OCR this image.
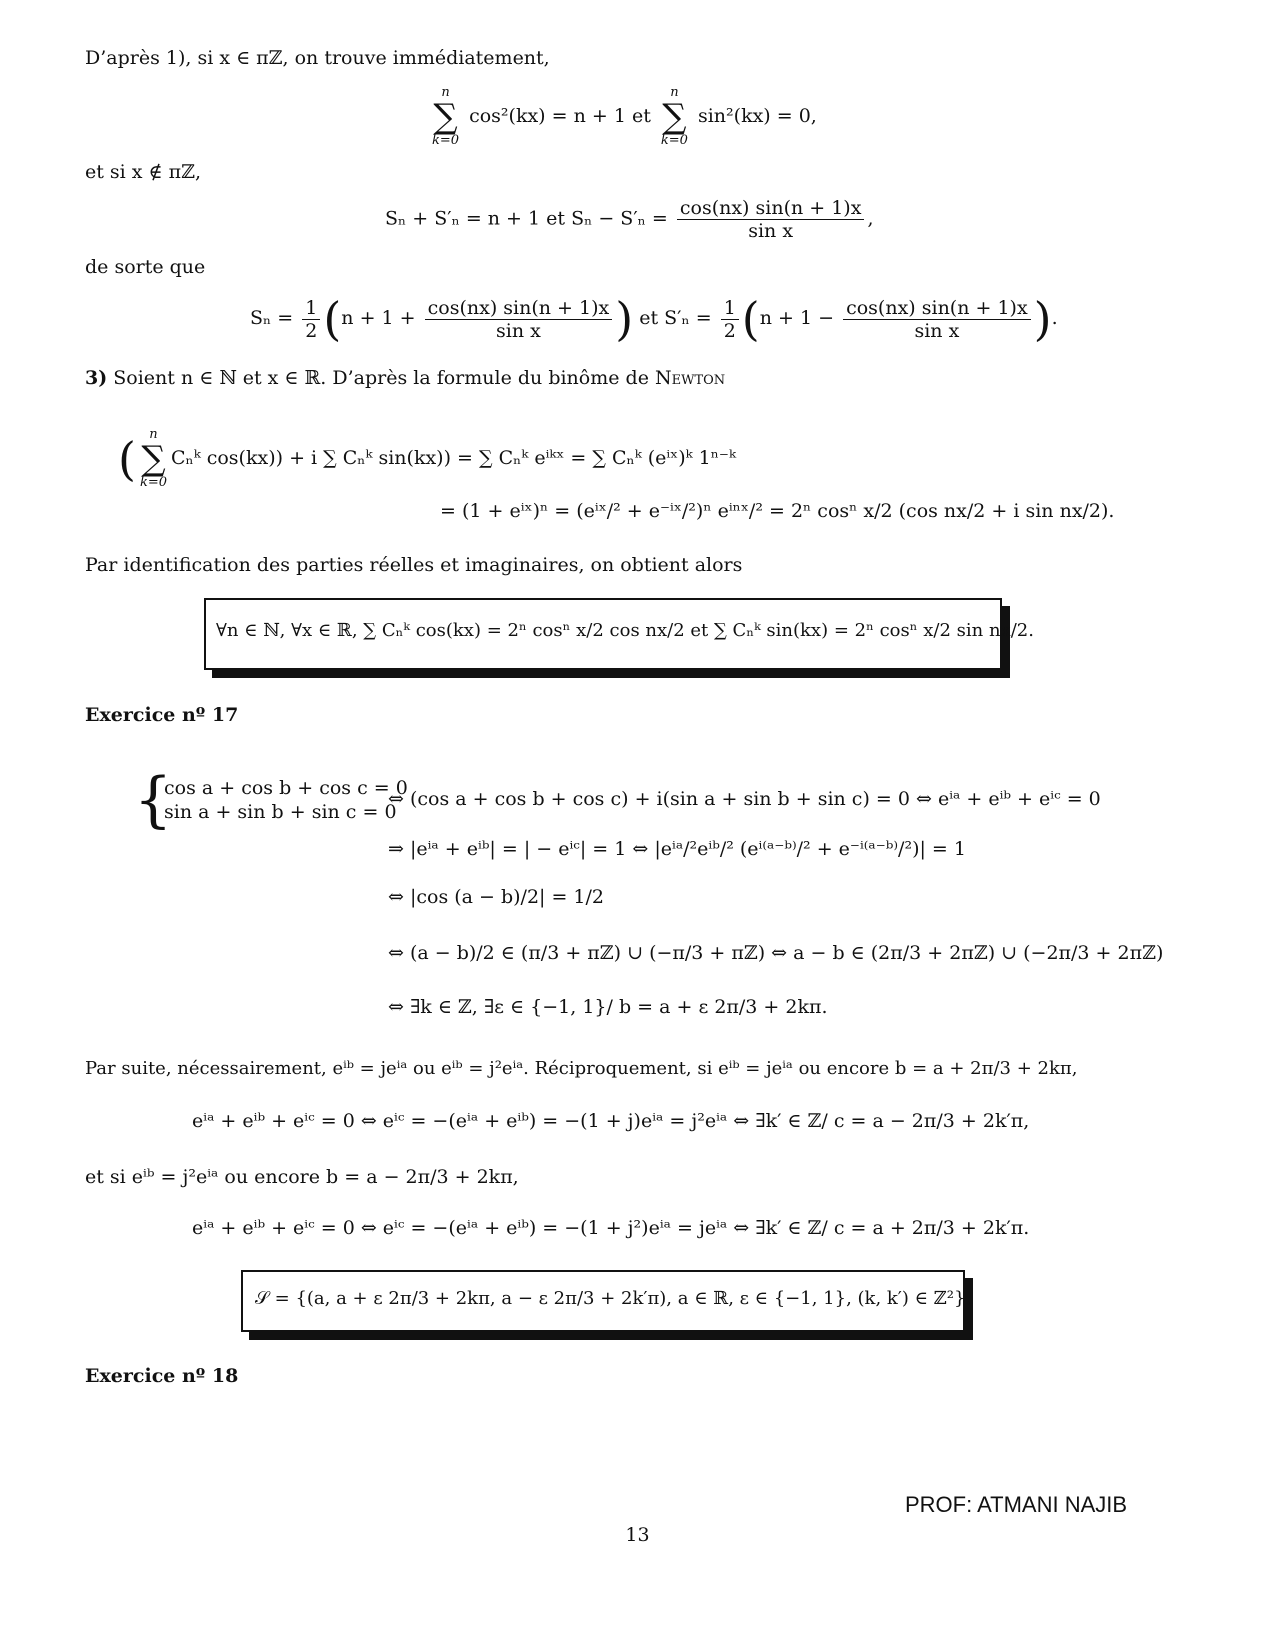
D’après 1), si x ∈ πℤ, on trouve immédiatement,
n
∑
k=0
cos²(kx) = n + 1 et
n
∑
k=0
sin²(kx) = 0,
et si x ∉ πℤ,
Sₙ + S′ₙ = n + 1 et $S_n - S'_n = \frac{\cos(nx) \sin(n + 1)x}{\text{sin x}}$ ,
de sorte que
$S_n = \frac{1}{2} (n + 1 + \frac{\cos(nx) \sin(n + 1)x}{\text{sin x}}$ ) et $S'_n = \frac{1}{2} (n + 1 - \frac{\cos(nx) \sin(n + 1)x}{\text{sin x}}$ ).
3) Soient n ∈ ℕ et x ∈ ℝ. D’après la formule du binôme de Newton
(	n
∑
k=0
Cₙᵏ cos(kx)) + i ∑ Cₙᵏ sin(kx)) = ∑ Cₙᵏ eⁱᵏˣ = ∑ Cₙᵏ (eⁱˣ)ᵏ 1ⁿ⁻ᵏ
= (1 + eⁱˣ)ⁿ = (eⁱˣ/² + e⁻ⁱˣ/²)ⁿ eⁱⁿˣ/² = 2ⁿ cosⁿ x/2 (cos nx/2 + i sin nx/2).
Par identification des parties réelles et imaginaires, on obtient alors
∀n ∈ ℕ, ∀x ∈ ℝ, ∑ Cₙᵏ cos(kx) = 2ⁿ cosⁿ x/2 cos nx/2 et ∑ Cₙᵏ sin(kx) = 2ⁿ cosⁿ x/2 sin nx/2.
Exercice nº 17
{
cos a + cos b + cos c = 0
sin a + sin b + sin c = 0
⇔ (cos a + cos b + cos c) + i(sin a + sin b + sin c) = 0 ⇔ eⁱᵃ + eⁱᵇ + eⁱᶜ = 0
⇒ |eⁱᵃ + eⁱᵇ| = | − eⁱᶜ| = 1 ⇔ |eⁱᵃ/²eⁱᵇ/² (eⁱ⁽ᵃ⁻ᵇ⁾/² + e⁻ⁱ⁽ᵃ⁻ᵇ⁾/²)| = 1
⇔ |cos (a − b)/2| = 1/2
⇔ (a − b)/2 ∈ (π/3 + πℤ) ∪ (−π/3 + πℤ) ⇔ a − b ∈ (2π/3 + 2πℤ) ∪ (−2π/3 + 2πℤ)
⇔ ∃k ∈ ℤ, ∃ε ∈ {−1, 1}/ b = a + ε 2π/3 + 2kπ.
Par suite, nécessairement, eⁱᵇ = jeⁱᵃ ou eⁱᵇ = j²eⁱᵃ. Réciproquement, si eⁱᵇ = jeⁱᵃ ou encore b = a + 2π/3 + 2kπ,
eⁱᵃ + eⁱᵇ + eⁱᶜ = 0 ⇔ eⁱᶜ = −(eⁱᵃ + eⁱᵇ) = −(1 + j)eⁱᵃ = j²eⁱᵃ ⇔ ∃k′ ∈ ℤ/ c = a − 2π/3 + 2k′π,
et si eⁱᵇ = j²eⁱᵃ ou encore b = a − 2π/3 + 2kπ,
eⁱᵃ + eⁱᵇ + eⁱᶜ = 0 ⇔ eⁱᶜ = −(eⁱᵃ + eⁱᵇ) = −(1 + j²)eⁱᵃ = jeⁱᵃ ⇔ ∃k′ ∈ ℤ/ c = a + 2π/3 + 2k′π.
𝒮 = {(a, a + ε 2π/3 + 2kπ, a − ε 2π/3 + 2k′π), a ∈ ℝ, ε ∈ {−1, 1}, (k, k′) ∈ ℤ²}.
Exercice nº 18
PROF: ATMANI NAJIB
13
